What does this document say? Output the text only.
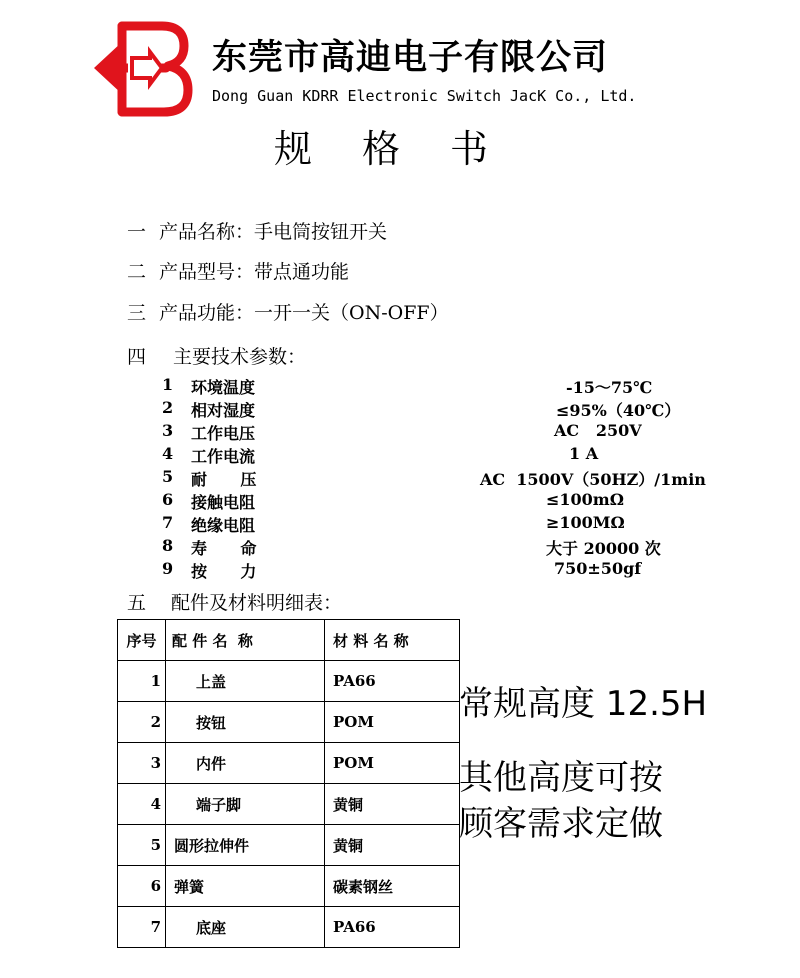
东莞市高迪电子有限公司
Dong Guan KDRR Electronic Switch JacK Co., Ltd.
规 格 书
一 产品名称：手电筒按钮开关
二 产品型号：带点通功能
三 产品功能：一开一关（ON-OFF）
四 主要技术参数：
1 环境温度	-15～75℃
2 相对湿度	≤95%（40℃）
3 工作电压	AC   250V
4 工作电流	1 A
5 耐      压	AC  1500V（50HZ）/1min
6 接触电阻	≤100mΩ
7 绝缘电阻	≥100MΩ
8 寿      命	大于 20000 次
9 按      力	750±50gf
五 配件及材料明细表：
序号	配 件 名  称	材 料 名 称
1	上盖	PA66
2	按钮	POM
3	内件	POM
4	端子脚	黄铜
5	圆形拉伸件	黄铜
6	弹簧	碳素钢丝
7	底座	PA66
常规高度 12.5H
其他高度可按
顾客需求定做
